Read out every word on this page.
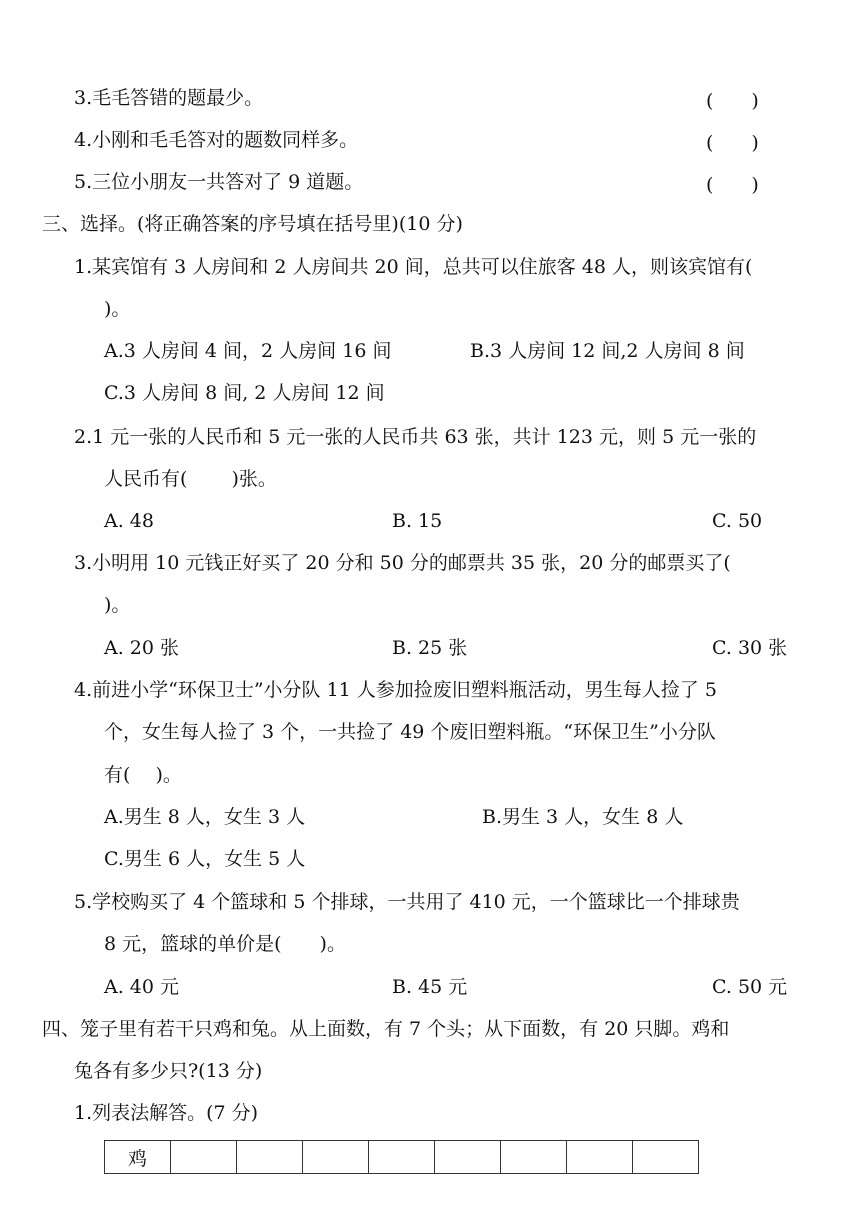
3.毛毛答错的题最少。	(　　)
4.小刚和毛毛答对的题数同样多。	(　　)
5.三位小朋友一共答对了 9 道题。	(　　)
三、选择。(将正确答案的序号填在括号里)(10 分)
1.某宾馆有 3 人房间和 2 人房间共 20 间，总共可以住旅客 48 人，则该宾馆有(
)。
A.3 人房间 4 间，2 人房间 16 间	B.3 人房间 12 间,2 人房间 8 间
C.3 人房间 8 间, 2 人房间 12 间
2.1 元一张的人民币和 5 元一张的人民币共 63 张，共计 123 元，则 5 元一张的
人民币有(　　 )张。
A. 48	B. 15	C. 50
3.小明用 10 元钱正好买了 20 分和 50 分的邮票共 35 张，20 分的邮票买了(
)。
A. 20 张	B. 25 张	C. 30 张
4.前进小学“环保卫士”小分队 11 人参加捡废旧塑料瓶活动，男生每人捡了 5
个，女生每人捡了 3 个，一共捡了 49 个废旧塑料瓶。“环保卫生”小分队
有(　 )。
A.男生 8 人，女生 3 人	B.男生 3 人，女生 8 人
C.男生 6 人，女生 5 人
5.学校购买了 4 个篮球和 5 个排球，一共用了 410 元，一个篮球比一个排球贵
8 元，篮球的单价是(　　)。
A. 40 元	B. 45 元	C. 50 元
四、笼子里有若干只鸡和兔。从上面数，有 7 个头；从下面数，有 20 只脚。鸡和
兔各有多少只?(13 分)
1.列表法解答。(7 分)
鸡								
